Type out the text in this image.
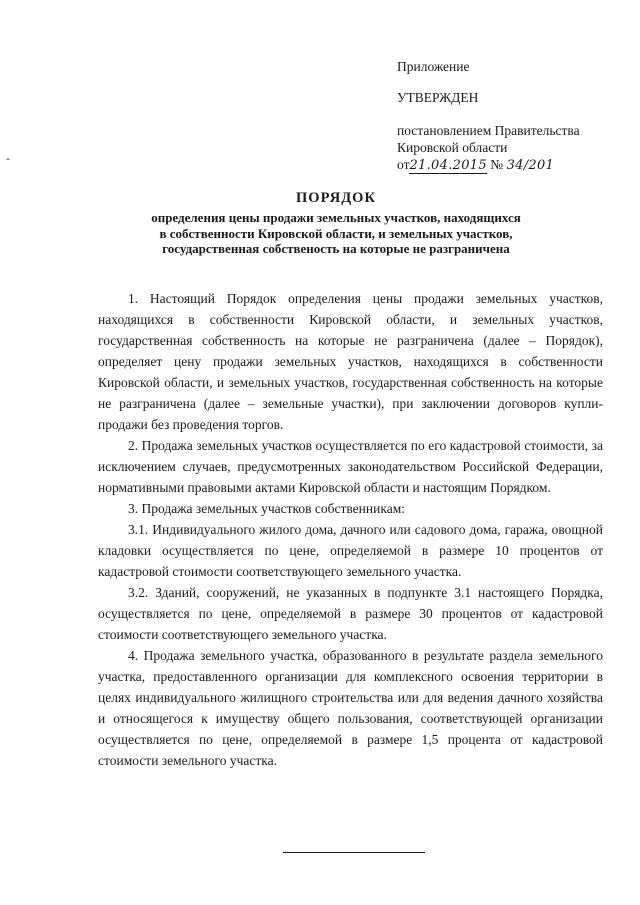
-
Приложение
УТВЕРЖДЕН
постановлением Правительства
Кировской области
от21.04.2015 № 34/201
ПОРЯДОК
определения цены продажи земельных участков, находящихся
в собственности Кировской области, и земельных участков,
государственная собственость на которые не разграничена

1. Настоящий Порядок определения цены продажи земельных участков, находящихся в собственности Кировской области, и земельных участков, государственная собственность на которые не разграничена (далее – Порядок), определяет цену продажи земельных участков, находящихся в собственности Кировской области, и земельных участков, государственная собственность на которые не разграничена (далее – земельные участки), при заключении договоров купли-продажи без проведения торгов.

2. Продажа земельных участков осуществляется по его кадастровой стоимости, за исключением случаев, предусмотренных законодательством Российской Федерации, нормативными правовыми актами Кировской области и настоящим Порядком.

3. Продажа земельных участков собственникам:

3.1. Индивидуального жилого дома, дачного или садового дома, гаража, овощной кладовки осуществляется по цене, определяемой в размере 10 процентов от кадастровой стоимости соответствующего земельного участка.

3.2. Зданий, сооружений, не указанных в подпункте 3.1 настоящего Порядка, осуществляется по цене, определяемой в размере 30 процентов от кадастровой стоимости соответствующего земельного участка.

4. Продажа земельного участка, образованного в результате раздела земельного участка, предоставленного организации для комплексного освоения территории в целях индивидуального жилищного строительства или для ведения дачного хозяйства и относящегося к имуществу общего пользования, соответствующей организации осуществляется по цене, определяемой в размере 1,5 процента от кадастровой стоимости земельного участка.
